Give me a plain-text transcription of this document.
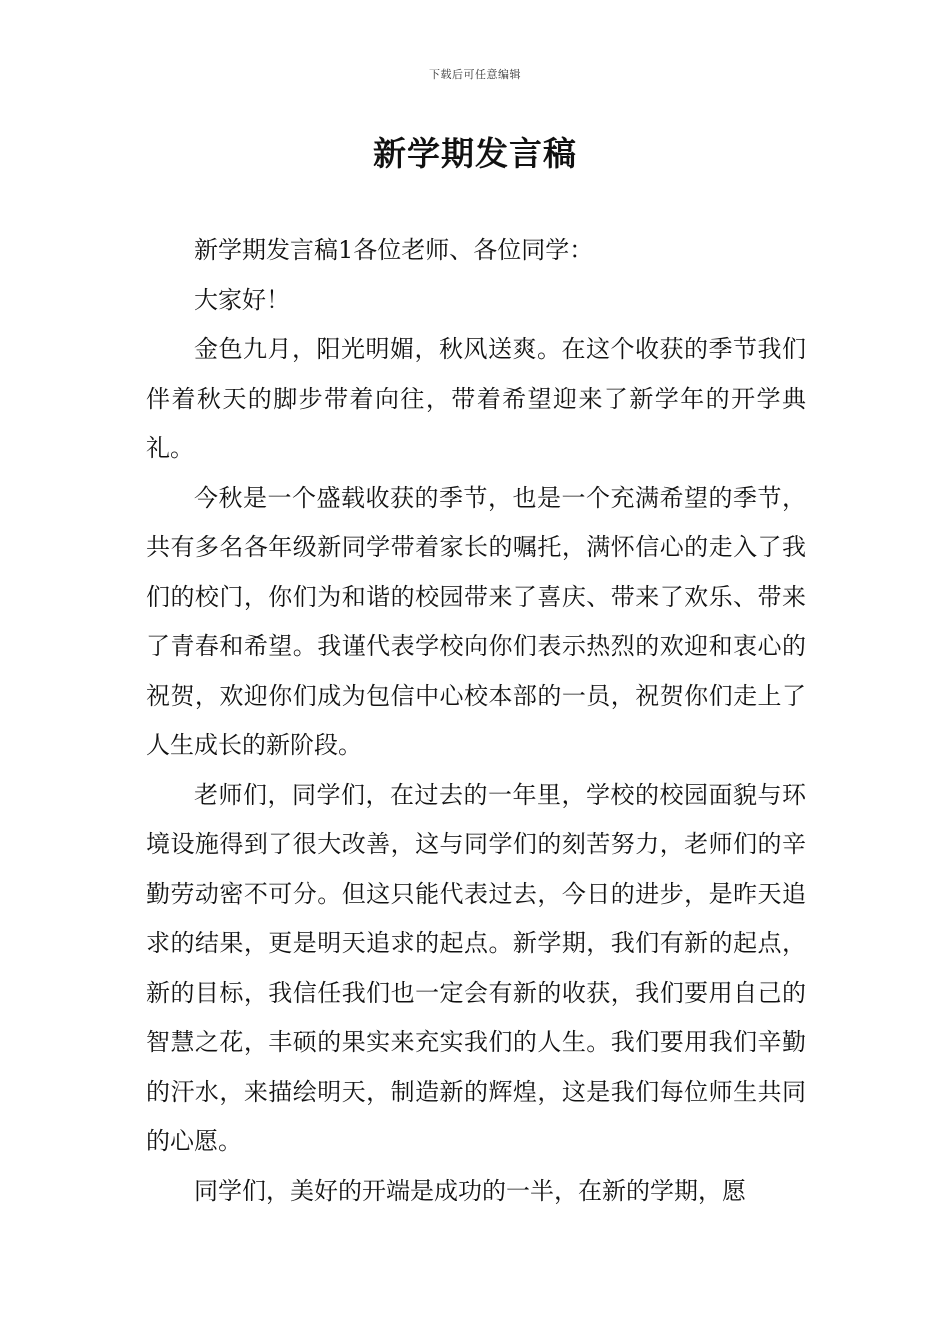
下载后可任意编辑
新学期发言稿

新学期发言稿1各位老师、各位同学：

大家好！

金色九月，阳光明媚，秋风送爽。在这个收获的季节我们伴着秋天的脚步带着向往，带着希望迎来了新学年的开学典礼。

今秋是一个盛载收获的季节，也是一个充满希望的季节，共有多名各年级新同学带着家长的嘱托，满怀信心的走入了我们的校门，你们为和谐的校园带来了喜庆、带来了欢乐、带来了青春和希望。我谨代表学校向你们表示热烈的欢迎和衷心的祝贺，欢迎你们成为包信中心校本部的一员，祝贺你们走上了人生成长的新阶段。

老师们，同学们，在过去的一年里，学校的校园面貌与环境设施得到了很大改善，这与同学们的刻苦努力，老师们的辛勤劳动密不可分。但这只能代表过去，今日的进步，是昨天追求的结果，更是明天追求的起点。新学期，我们有新的起点，新的目标，我信任我们也一定会有新的收获，我们要用自己的智慧之花，丰硕的果实来充实我们的人生。我们要用我们辛勤的汗水，来描绘明天，制造新的辉煌，这是我们每位师生共同的心愿。

同学们，美好的开端是成功的一半，在新的学期，愿
